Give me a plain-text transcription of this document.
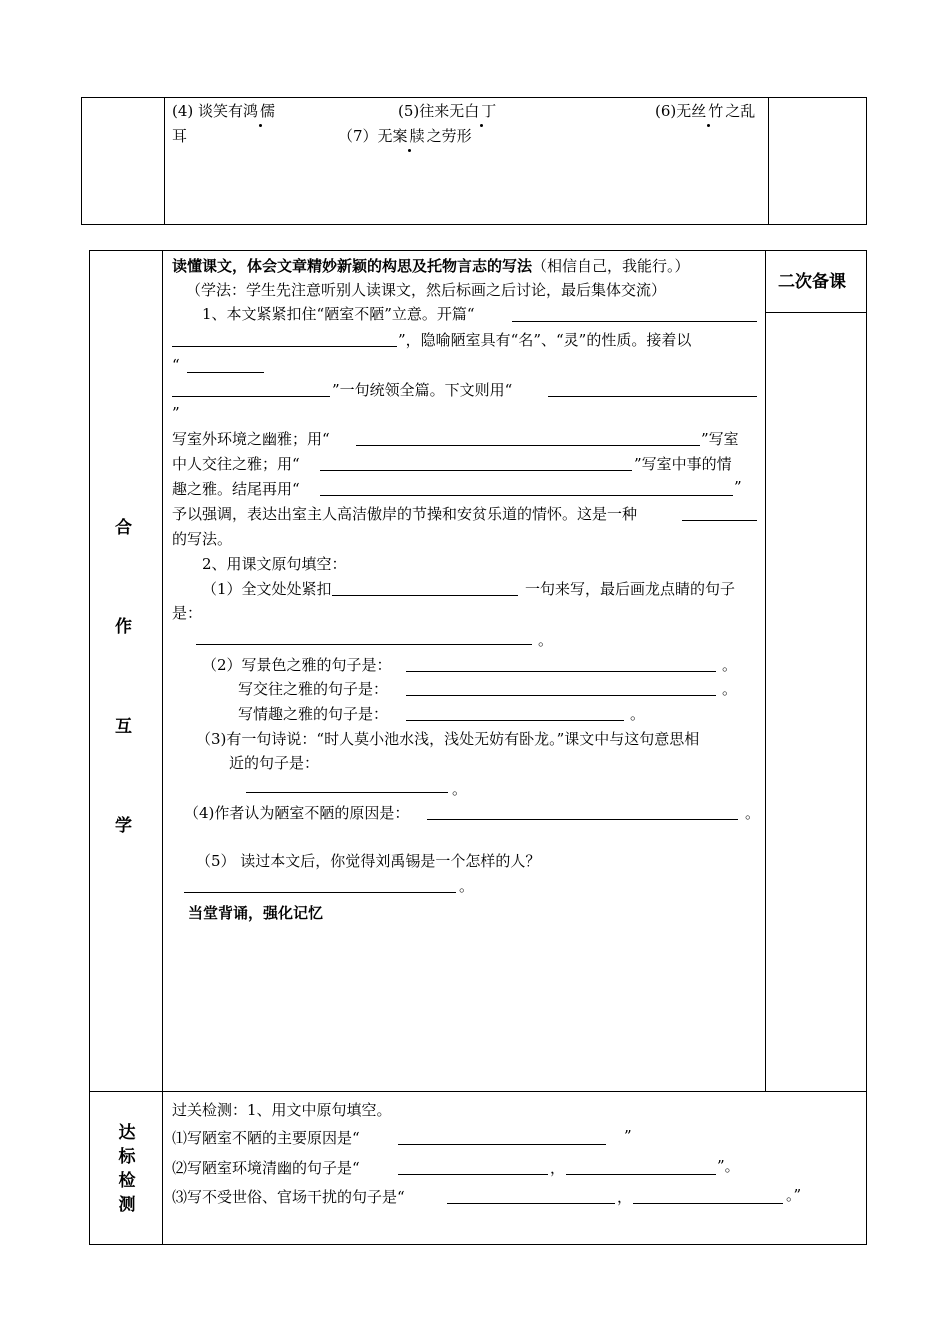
(4) 谈笑有鸿儒	(5)往来无白丁	(6)无丝竹之乱
耳	（7）无案牍之劳形
合
作
互
学
二次备课
读懂课文，体会文章精妙新颖的构思及托物言志的写法（相信自己，我能行。）
（学法：学生先注意听别人读课文，然后标画之后讨论，最后集体交流）
1、本文紧紧扣住“陋室不陋”立意。开篇“
”，隐喻陋室具有“名”、“灵”的性质。接着以
“
”一句统领全篇。下文则用“
”
写室外环境之幽雅；用“	”写室
中人交往之雅；用“	”写室中事的情
趣之雅。结尾再用“	”
予以强调，表达出室主人高洁傲岸的节操和安贫乐道的情怀。这是一种
的写法。
2、用课文原句填空：
（1）全文处处紧扣	一句来写，最后画龙点睛的句子
是：
。
（2）写景色之雅的句子是：	。
写交往之雅的句子是：	。
写情趣之雅的句子是：	。
（3)有一句诗说：“时人莫小池水浅，浅处无妨有卧龙。”课文中与这句意思相
近的句子是：
。
（4)作者认为陋室不陋的原因是：	。
（5） 读过本文后，你觉得刘禹锡是一个怎样的人？
。
当堂背诵，强化记忆
达
标
检
测
过关检测：1、用文中原句填空。
⑴写陋室不陋的主要原因是“	”
⑵写陋室环境清幽的句子是“	，	”。
⑶写不受世俗、官场干扰的句子是“	，	。”
